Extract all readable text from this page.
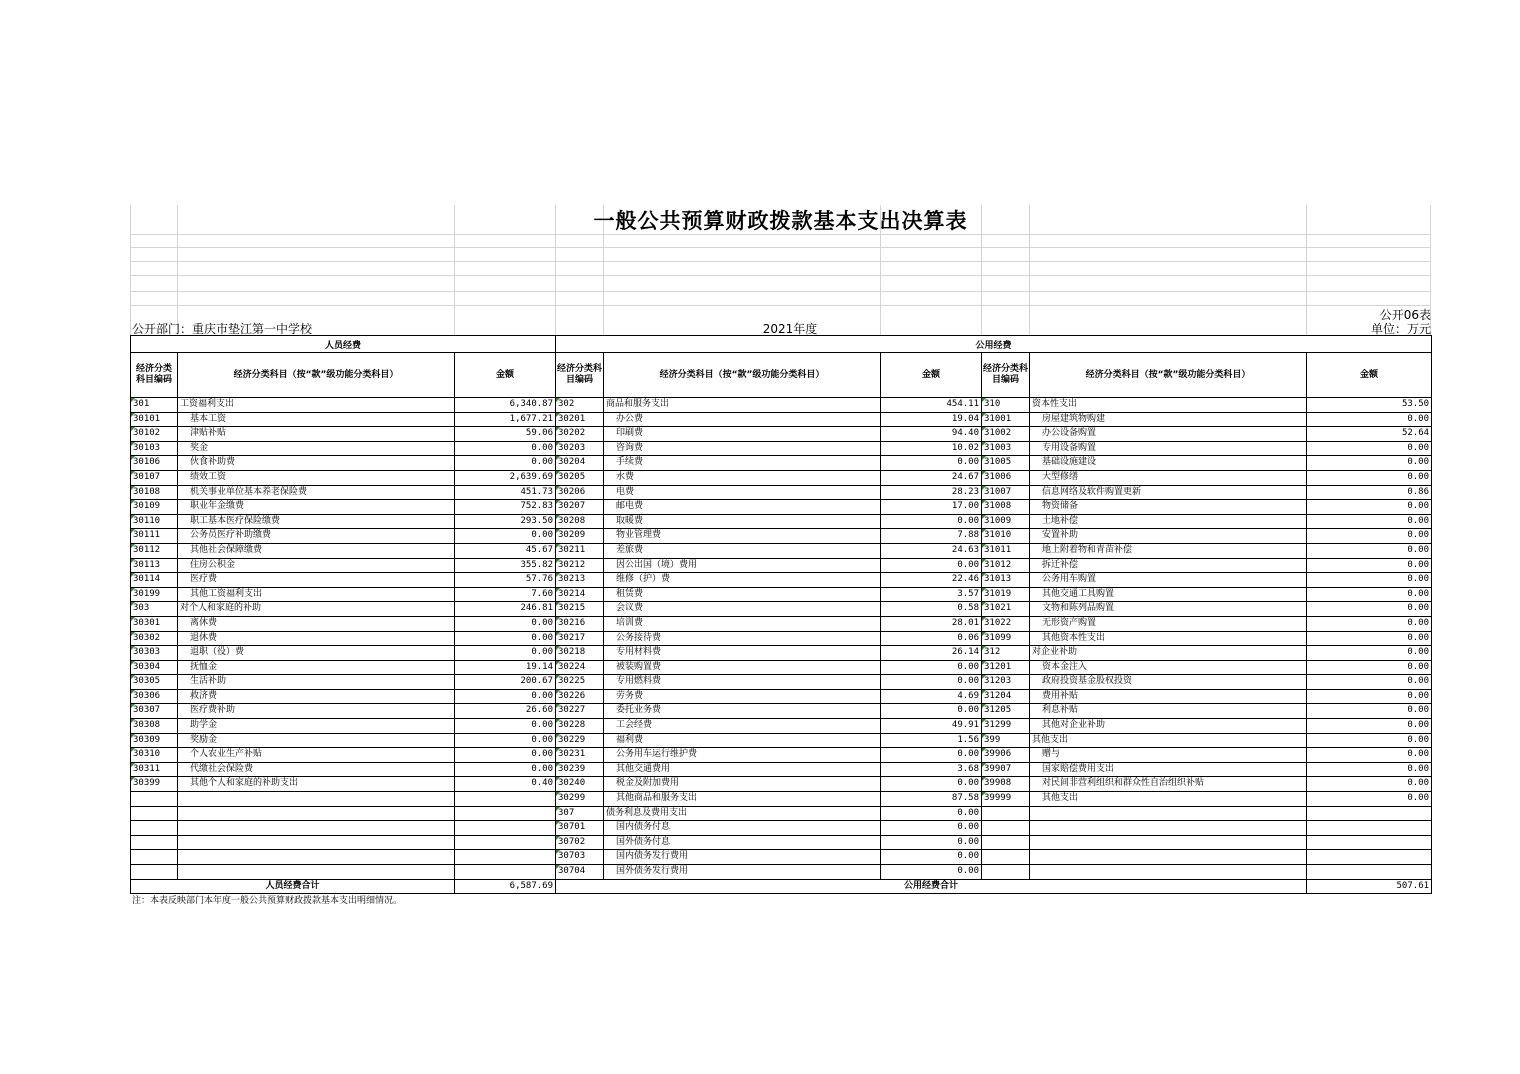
一般公共预算财政拨款基本支出决算表
公开06表
公开部门：重庆市垫江第一中学校	2021年度	单位：万元
人员经费			公用经费					
经济分类科目编码	经济分类科目（按“款”级功能分类科目）	金额	经济分类科目编码	经济分类科目（按“款”级功能分类科目）	金额	经济分类科目编码	经济分类科目（按“款”级功能分类科目）	金额
301	工资福利支出	6,340.87	302	商品和服务支出	454.11	310	资本性支出	53.50
30101	基本工资	1,677.21	30201	办公费	19.04	31001	房屋建筑物购建	0.00
30102	津贴补贴	59.06	30202	印刷费	94.40	31002	办公设备购置	52.64
30103	奖金	0.00	30203	咨询费	10.02	31003	专用设备购置	0.00
30106	伙食补助费	0.00	30204	手续费	0.00	31005	基础设施建设	0.00
30107	绩效工资	2,639.69	30205	水费	24.67	31006	大型修缮	0.00
30108	机关事业单位基本养老保险费	451.73	30206	电费	28.23	31007	信息网络及软件购置更新	0.86
30109	职业年金缴费	752.83	30207	邮电费	17.00	31008	物资储备	0.00
30110	职工基本医疗保险缴费	293.50	30208	取暖费	0.00	31009	土地补偿	0.00
30111	公务员医疗补助缴费	0.00	30209	物业管理费	7.88	31010	安置补助	0.00
30112	其他社会保障缴费	45.67	30211	差旅费	24.63	31011	地上附着物和青苗补偿	0.00
30113	住房公积金	355.82	30212	因公出国（境）费用	0.00	31012	拆迁补偿	0.00
30114	医疗费	57.76	30213	维修（护）费	22.46	31013	公务用车购置	0.00
30199	其他工资福利支出	7.60	30214	租赁费	3.57	31019	其他交通工具购置	0.00
303	对个人和家庭的补助	246.81	30215	会议费	0.58	31021	文物和陈列品购置	0.00
30301	离休费	0.00	30216	培训费	28.01	31022	无形资产购置	0.00
30302	退休费	0.00	30217	公务接待费	0.06	31099	其他资本性支出	0.00
30303	退职（役）费	0.00	30218	专用材料费	26.14	312	对企业补助	0.00
30304	抚恤金	19.14	30224	被装购置费	0.00	31201	资本金注入	0.00
30305	生活补助	200.67	30225	专用燃料费	0.00	31203	政府投资基金股权投资	0.00
30306	救济费	0.00	30226	劳务费	4.69	31204	费用补贴	0.00
30307	医疗费补助	26.60	30227	委托业务费	0.00	31205	利息补贴	0.00
30308	助学金	0.00	30228	工会经费	49.91	31299	其他对企业补助	0.00
30309	奖励金	0.00	30229	福利费	1.56	399	其他支出	0.00
30310	个人农业生产补贴	0.00	30231	公务用车运行维护费	0.00	39906	赠与	0.00
30311	代缴社会保险费	0.00	30239	其他交通费用	3.68	39907	国家赔偿费用支出	0.00
30399	其他个人和家庭的补助支出	0.40	30240	税金及附加费用	0.00	39908	对民间非营利组织和群众性自治组织补贴	0.00
			30299	其他商品和服务支出	87.58	39999	其他支出	0.00
			307	债务利息及费用支出	0.00			
			30701	国内债务付息	0.00			
			30702	国外债务付息	0.00			
			30703	国内债务发行费用	0.00			
			30704	国外债务发行费用	0.00			
人员经费合计		6,587.69	公用经费合计					507.61
注：本表反映部门本年度一般公共预算财政拨款基本支出明细情况。
